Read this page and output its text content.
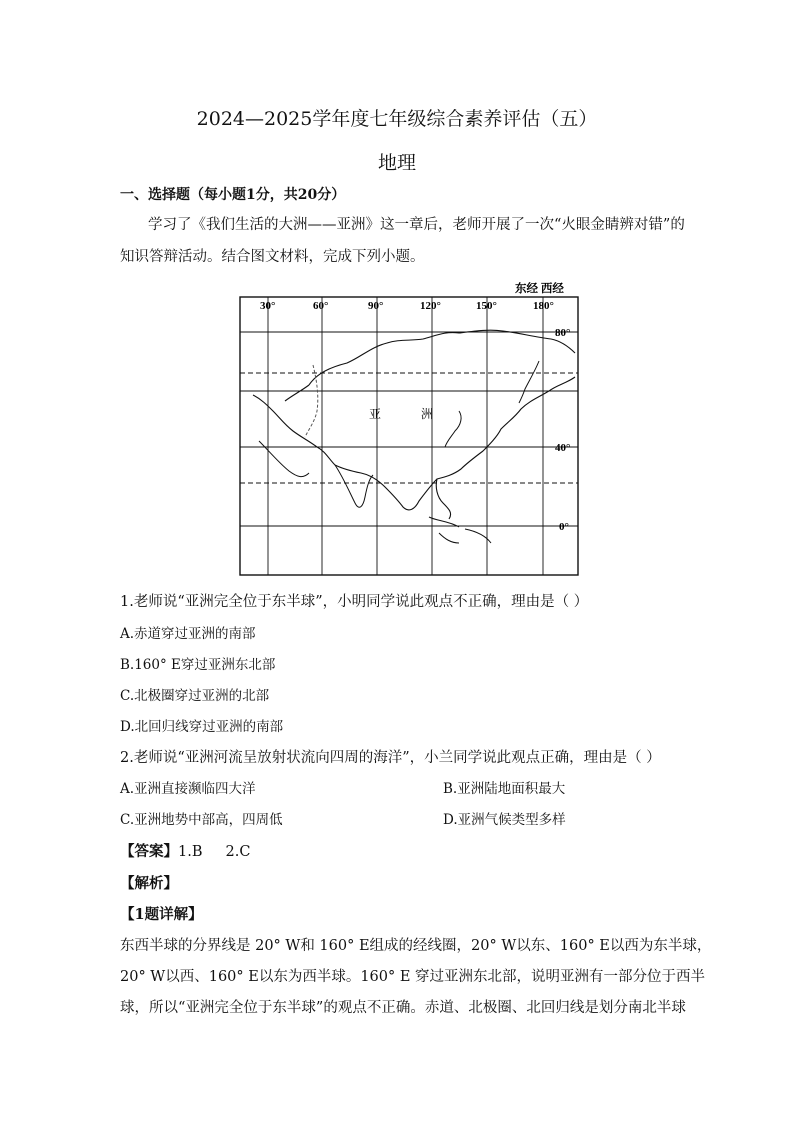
2024—2025学年度七年级综合素养评估（五）
地理
一、选择题（每小题1分，共20分）
学习了《我们生活的大洲——亚洲》这一章后，老师开展了一次“火眼金睛辨对错”的
知识答辩活动。结合图文材料，完成下列小题。
东经 西经
30°	60°	90°	120°	150°	180°
80°
40°
0°
亚	洲
1.老师说“亚洲完全位于东半球”，小明同学说此观点不正确，理由是（ ）
A.赤道穿过亚洲的南部
B.160° E穿过亚洲东北部
C.北极圈穿过亚洲的北部
D.北回归线穿过亚洲的南部
2.老师说“亚洲河流呈放射状流向四周的海洋”，小兰同学说此观点正确，理由是（ ）
A.亚洲直接濒临四大洋	B.亚洲陆地面积最大
C.亚洲地势中部高，四周低	D.亚洲气候类型多样
【答案】1.B     2.C
【解析】
【1题详解】
东西半球的分界线是 20° W和 160° E组成的经线圈，20° W以东、160° E以西为东半球，
20° W以西、160° E以东为西半球。160° E 穿过亚洲东北部，说明亚洲有一部分位于西半
球，所以“亚洲完全位于东半球”的观点不正确。赤道、北极圈、北回归线是划分南北半球
